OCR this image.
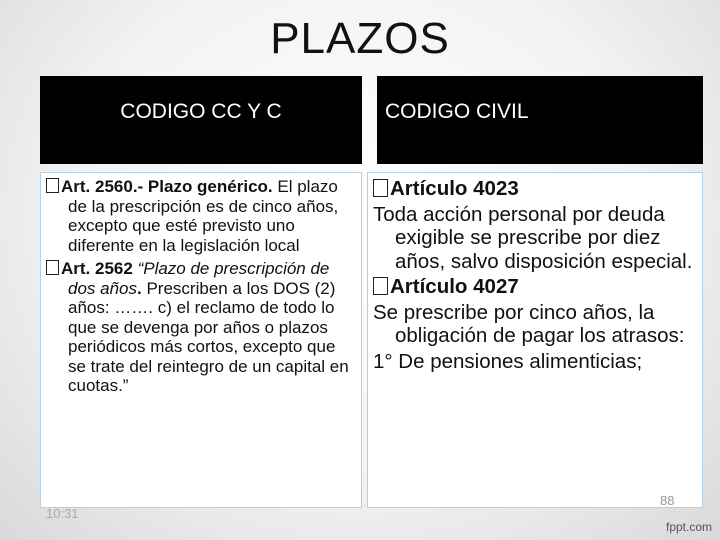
PLAZOS
CODIGO CC Y C	CODIGO CIVIL

Art. 2560.- Plazo genérico. El plazo de la prescripción es de cinco años, excepto que esté previsto uno diferente en la legislación local

Art. 2562 “Plazo de prescripción de dos años. Prescriben a los DOS (2) años: ……. c) el reclamo de todo lo que se devenga por años o plazos periódicos más cortos, excepto que se trate del reintegro de un capital en cuotas.”

Artículo 4023

Toda acción personal por deuda exigible se prescribe por diez años, salvo disposición especial.

Artículo 4027

Se prescribe por cinco años, la obligación de pagar los atrasos:

1° De pensiones alimenticias;

10:31
88
fppt.com
